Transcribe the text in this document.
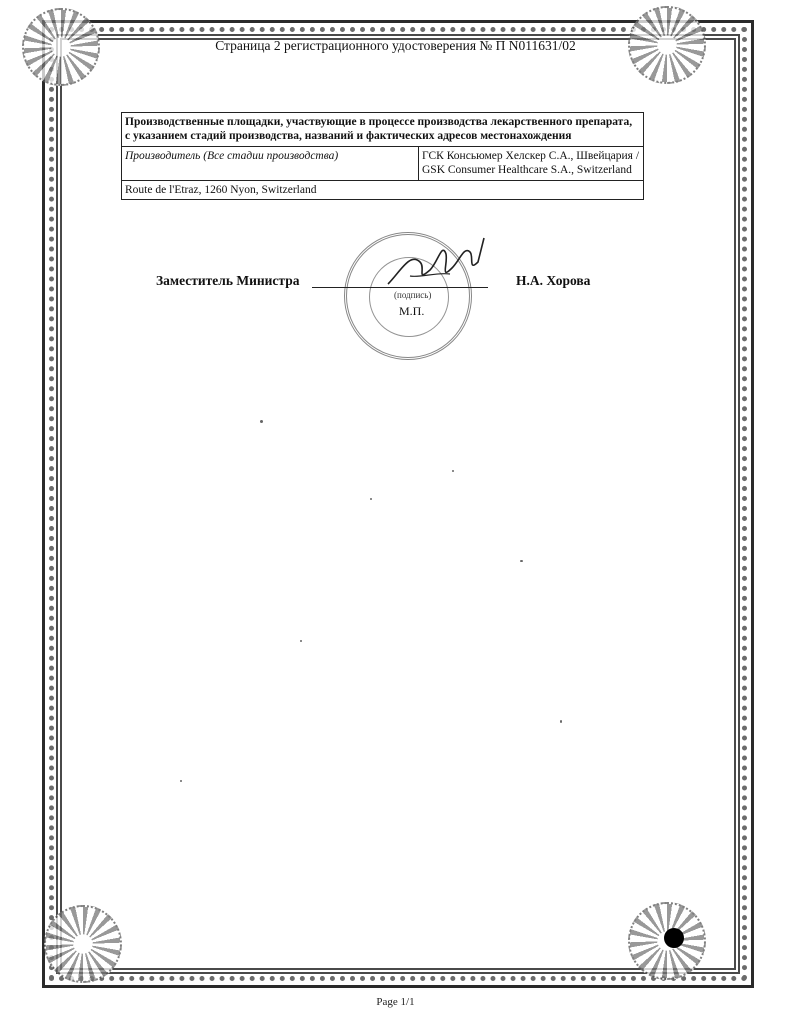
Страница 2 регистрационного удостоверения № П N011631/02
Производственные площадки, участвующие в процессе производства лекарственного препарата, с указанием стадий производства, названий и фактических адресов местонахождения
Производитель (Все стадии производства)	ГСК Консьюмер Хелскер С.А., Швейцария / GSK Consumer Healthcare S.A., Switzerland
Route de l'Etraz, 1260 Nyon, Switzerland
Заместитель Министра
(подпись)
М.П.
Н.А. Хорова
Page 1/1
